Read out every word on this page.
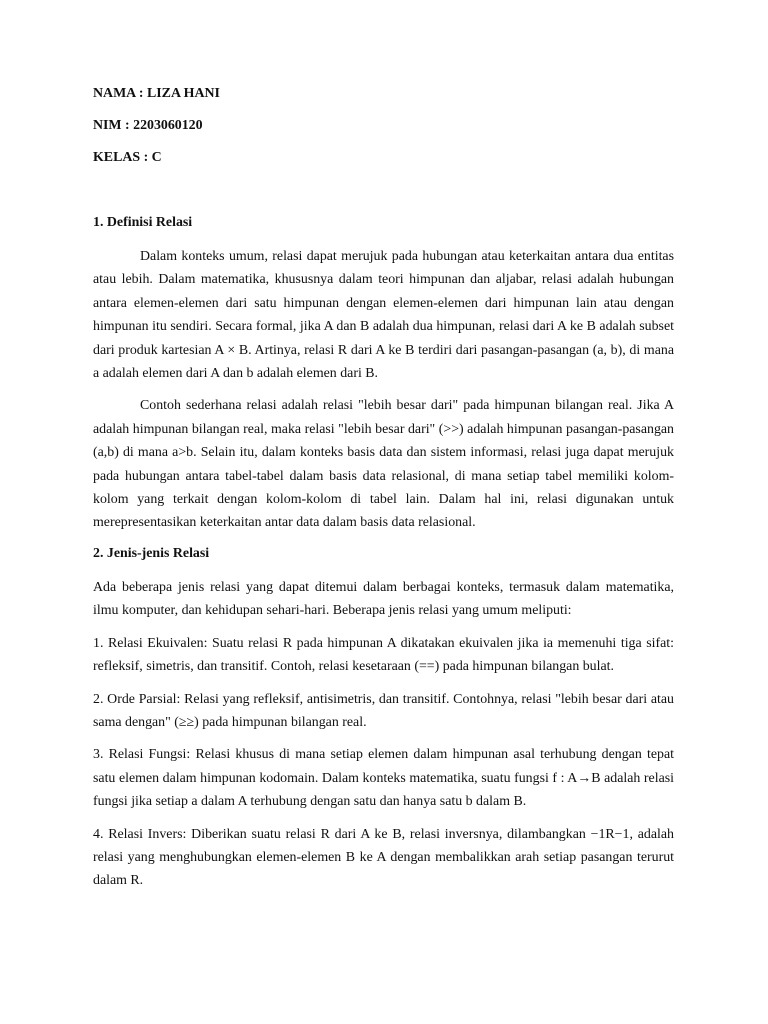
NAMA : LIZA HANI

NIM : 2203060120

KELAS : C

1. Definisi Relasi

Dalam konteks umum, relasi dapat merujuk pada hubungan atau keterkaitan antara dua entitas atau lebih. Dalam matematika, khususnya dalam teori himpunan dan aljabar, relasi adalah hubungan antara elemen-elemen dari satu himpunan dengan elemen-elemen dari himpunan lain atau dengan himpunan itu sendiri. Secara formal, jika A dan B adalah dua himpunan, relasi dari A ke B adalah subset dari produk kartesian A × B. Artinya, relasi R dari A ke B terdiri dari pasangan-pasangan (a, b), di mana a adalah elemen dari A dan b adalah elemen dari B.

Contoh sederhana relasi adalah relasi "lebih besar dari" pada himpunan bilangan real. Jika A adalah himpunan bilangan real, maka relasi "lebih besar dari" (>>) adalah himpunan pasangan-pasangan (a,b) di mana a>b. Selain itu, dalam konteks basis data dan sistem informasi, relasi juga dapat merujuk pada hubungan antara tabel-tabel dalam basis data relasional, di mana setiap tabel memiliki kolom-kolom yang terkait dengan kolom-kolom di tabel lain. Dalam hal ini, relasi digunakan untuk merepresentasikan keterkaitan antar data dalam basis data relasional.

2. Jenis-jenis Relasi

Ada beberapa jenis relasi yang dapat ditemui dalam berbagai konteks, termasuk dalam matematika, ilmu komputer, dan kehidupan sehari-hari. Beberapa jenis relasi yang umum meliputi:

1. Relasi Ekuivalen: Suatu relasi R pada himpunan A dikatakan ekuivalen jika ia memenuhi tiga sifat: refleksif, simetris, dan transitif. Contoh, relasi kesetaraan (==) pada himpunan bilangan bulat.

2. Orde Parsial: Relasi yang refleksif, antisimetris, dan transitif. Contohnya, relasi "lebih besar dari atau sama dengan" (≥≥) pada himpunan bilangan real.

3. Relasi Fungsi: Relasi khusus di mana setiap elemen dalam himpunan asal terhubung dengan tepat satu elemen dalam himpunan kodomain. Dalam konteks matematika, suatu fungsi f : A→B adalah relasi fungsi jika setiap a dalam A terhubung dengan satu dan hanya satu b dalam B.

4. Relasi Invers: Diberikan suatu relasi R dari A ke B, relasi inversnya, dilambangkan −1R−1, adalah relasi yang menghubungkan elemen-elemen B ke A dengan membalikkan arah setiap pasangan terurut dalam R.
